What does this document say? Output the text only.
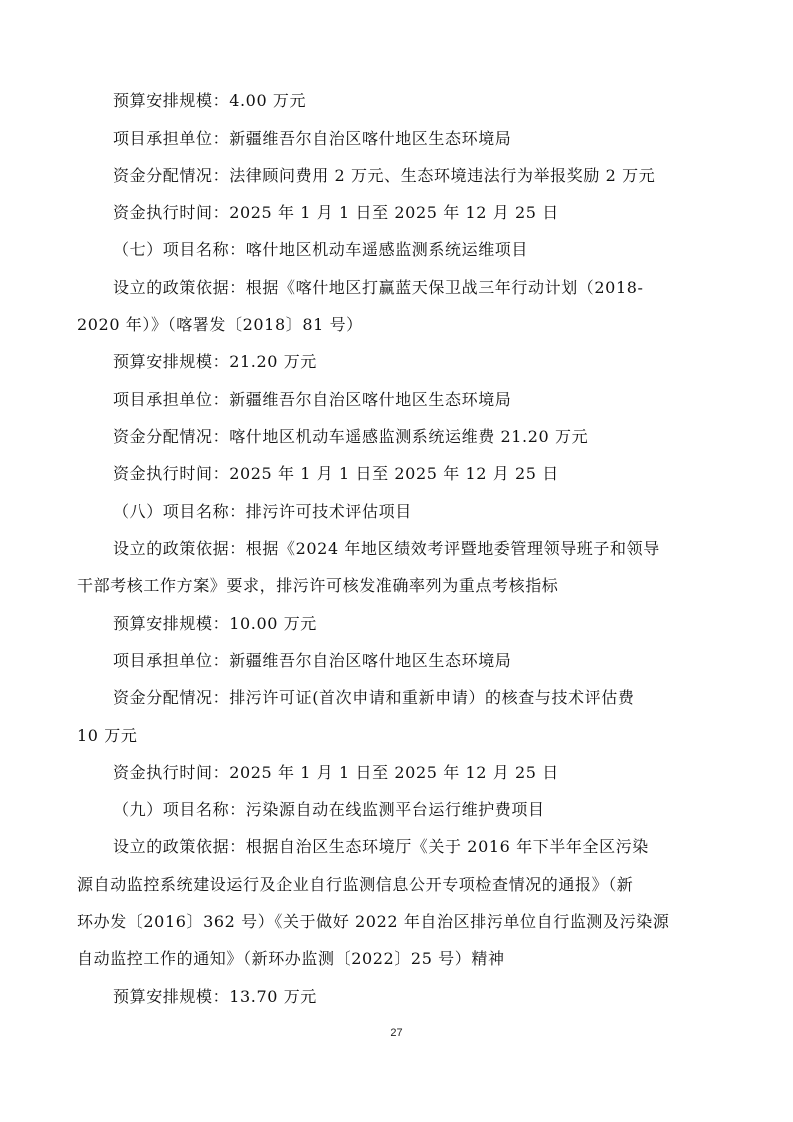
预算安排规模：4.00 万元
项目承担单位：新疆维吾尔自治区喀什地区生态环境局
资金分配情况：法律顾问费用 2 万元、生态环境违法行为举报奖励 2 万元
资金执行时间：2025 年 1 月 1 日至 2025 年 12 月 25 日
（七）项目名称：喀什地区机动车遥感监测系统运维项目
设立的政策依据：根据《喀什地区打赢蓝天保卫战三年行动计划（2018-
2020 年）》（喀署发〔2018〕81 号）
预算安排规模：21.20 万元
项目承担单位：新疆维吾尔自治区喀什地区生态环境局
资金分配情况：喀什地区机动车遥感监测系统运维费 21.20 万元
资金执行时间：2025 年 1 月 1 日至 2025 年 12 月 25 日
（八）项目名称：排污许可技术评估项目
设立的政策依据：根据《2024 年地区绩效考评暨地委管理领导班子和领导
干部考核工作方案》要求，排污许可核发准确率列为重点考核指标
预算安排规模：10.00 万元
项目承担单位：新疆维吾尔自治区喀什地区生态环境局
资金分配情况：排污许可证(首次申请和重新申请）的核查与技术评估费
10 万元
资金执行时间：2025 年 1 月 1 日至 2025 年 12 月 25 日
（九）项目名称：污染源自动在线监测平台运行维护费项目
设立的政策依据：根据自治区生态环境厅《关于 2016 年下半年全区污染
源自动监控系统建设运行及企业自行监测信息公开专项检查情况的通报》（新
环办发〔2016〕362 号）《关于做好 2022 年自治区排污单位自行监测及污染源
自动监控工作的通知》（新环办监测〔2022〕25 号）精神
预算安排规模：13.70 万元
27
